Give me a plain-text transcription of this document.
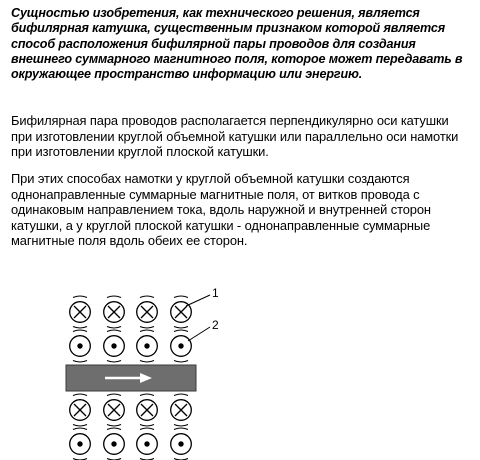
Сущностью изобретения, как технического решения, является бифилярная катушка, существенным признаком которой является способ расположения бифилярной пары проводов для создания внешнего суммарного магнитного поля, которое может передавать в окружающее пространство информацию или энергию.

Бифилярная пара проводов располагается перпендикулярно оси катушки при изготовлении круглой объемной катушки или параллельно оси намотки при изготовлении круглой плоской катушки.

При этих способах намотки у круглой объемной катушки создаются однонаправленные суммарные магнитные поля, от витков провода с одинаковым направлением тока, вдоль наружной и внутренней сторон катушки, а у круглой плоской катушки - однонаправленные суммарные магнитные поля вдоль обеих ее сторон.

1
2
